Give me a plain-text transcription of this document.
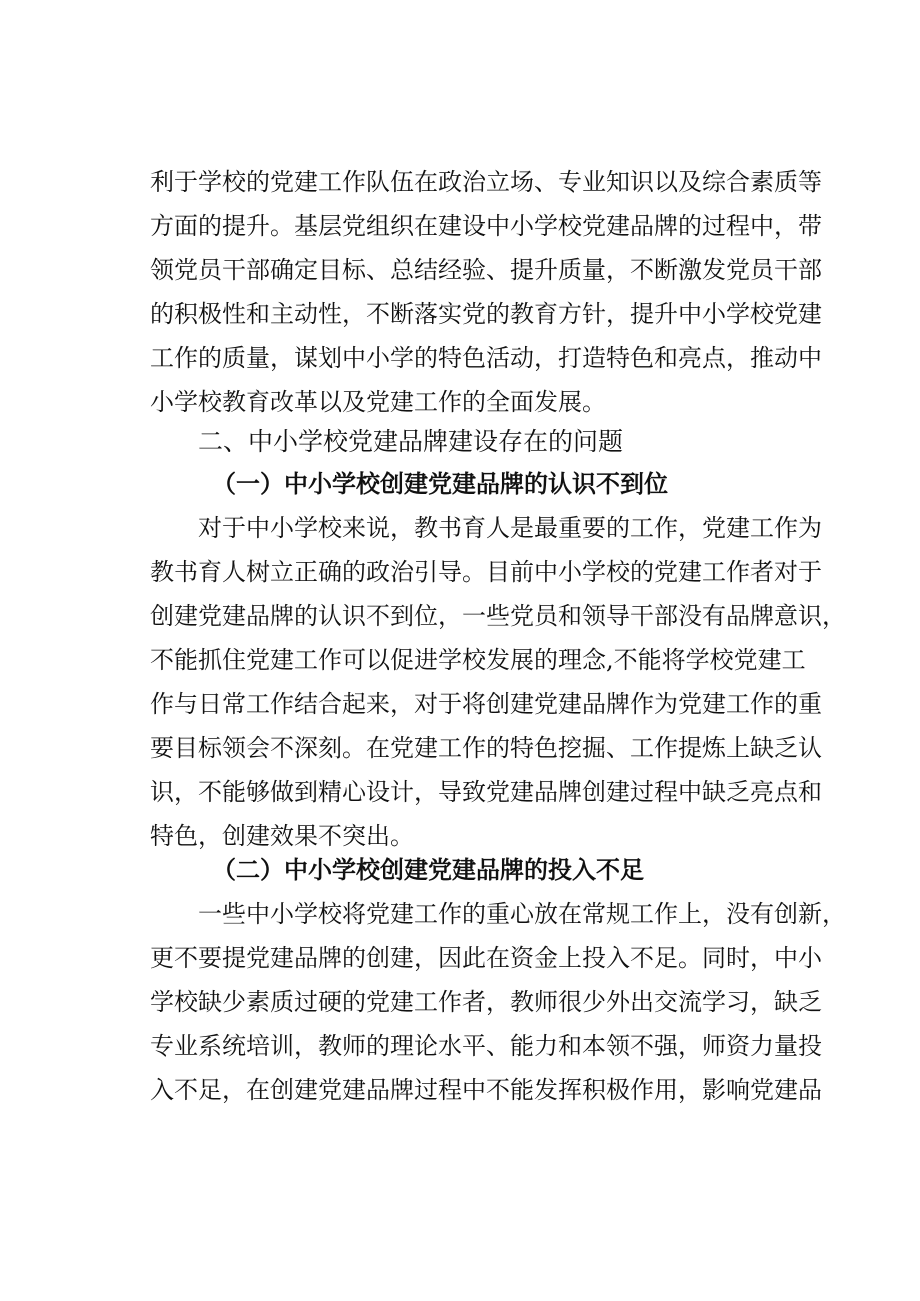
利于学校的党建工作队伍在政治立场、专业知识以及综合素质等

方面的提升。基层党组织在建设中小学校党建品牌的过程中，带

领党员干部确定目标、总结经验、提升质量，不断激发党员干部

的积极性和主动性，不断落实党的教育方针，提升中小学校党建

工作的质量，谋划中小学的特色活动，打造特色和亮点，推动中

小学校教育改革以及党建工作的全面发展。

二、中小学校党建品牌建设存在的问题
（一）中小学校创建党建品牌的认识不到位

对于中小学校来说，教书育人是最重要的工作，党建工作为

教书育人树立正确的政治引导。目前中小学校的党建工作者对于

创建党建品牌的认识不到位，一些党员和领导干部没有品牌意识，

不能抓住党建工作可以促进学校发展的理念,不能将学校党建工

作与日常工作结合起来，对于将创建党建品牌作为党建工作的重

要目标领会不深刻。在党建工作的特色挖掘、工作提炼上缺乏认

识，不能够做到精心设计，导致党建品牌创建过程中缺乏亮点和

特色，创建效果不突出。

（二）中小学校创建党建品牌的投入不足

一些中小学校将党建工作的重心放在常规工作上，没有创新，

更不要提党建品牌的创建，因此在资金上投入不足。同时，中小

学校缺少素质过硬的党建工作者，教师很少外出交流学习，缺乏

专业系统培训，教师的理论水平、能力和本领不强，师资力量投

入不足，在创建党建品牌过程中不能发挥积极作用，影响党建品
